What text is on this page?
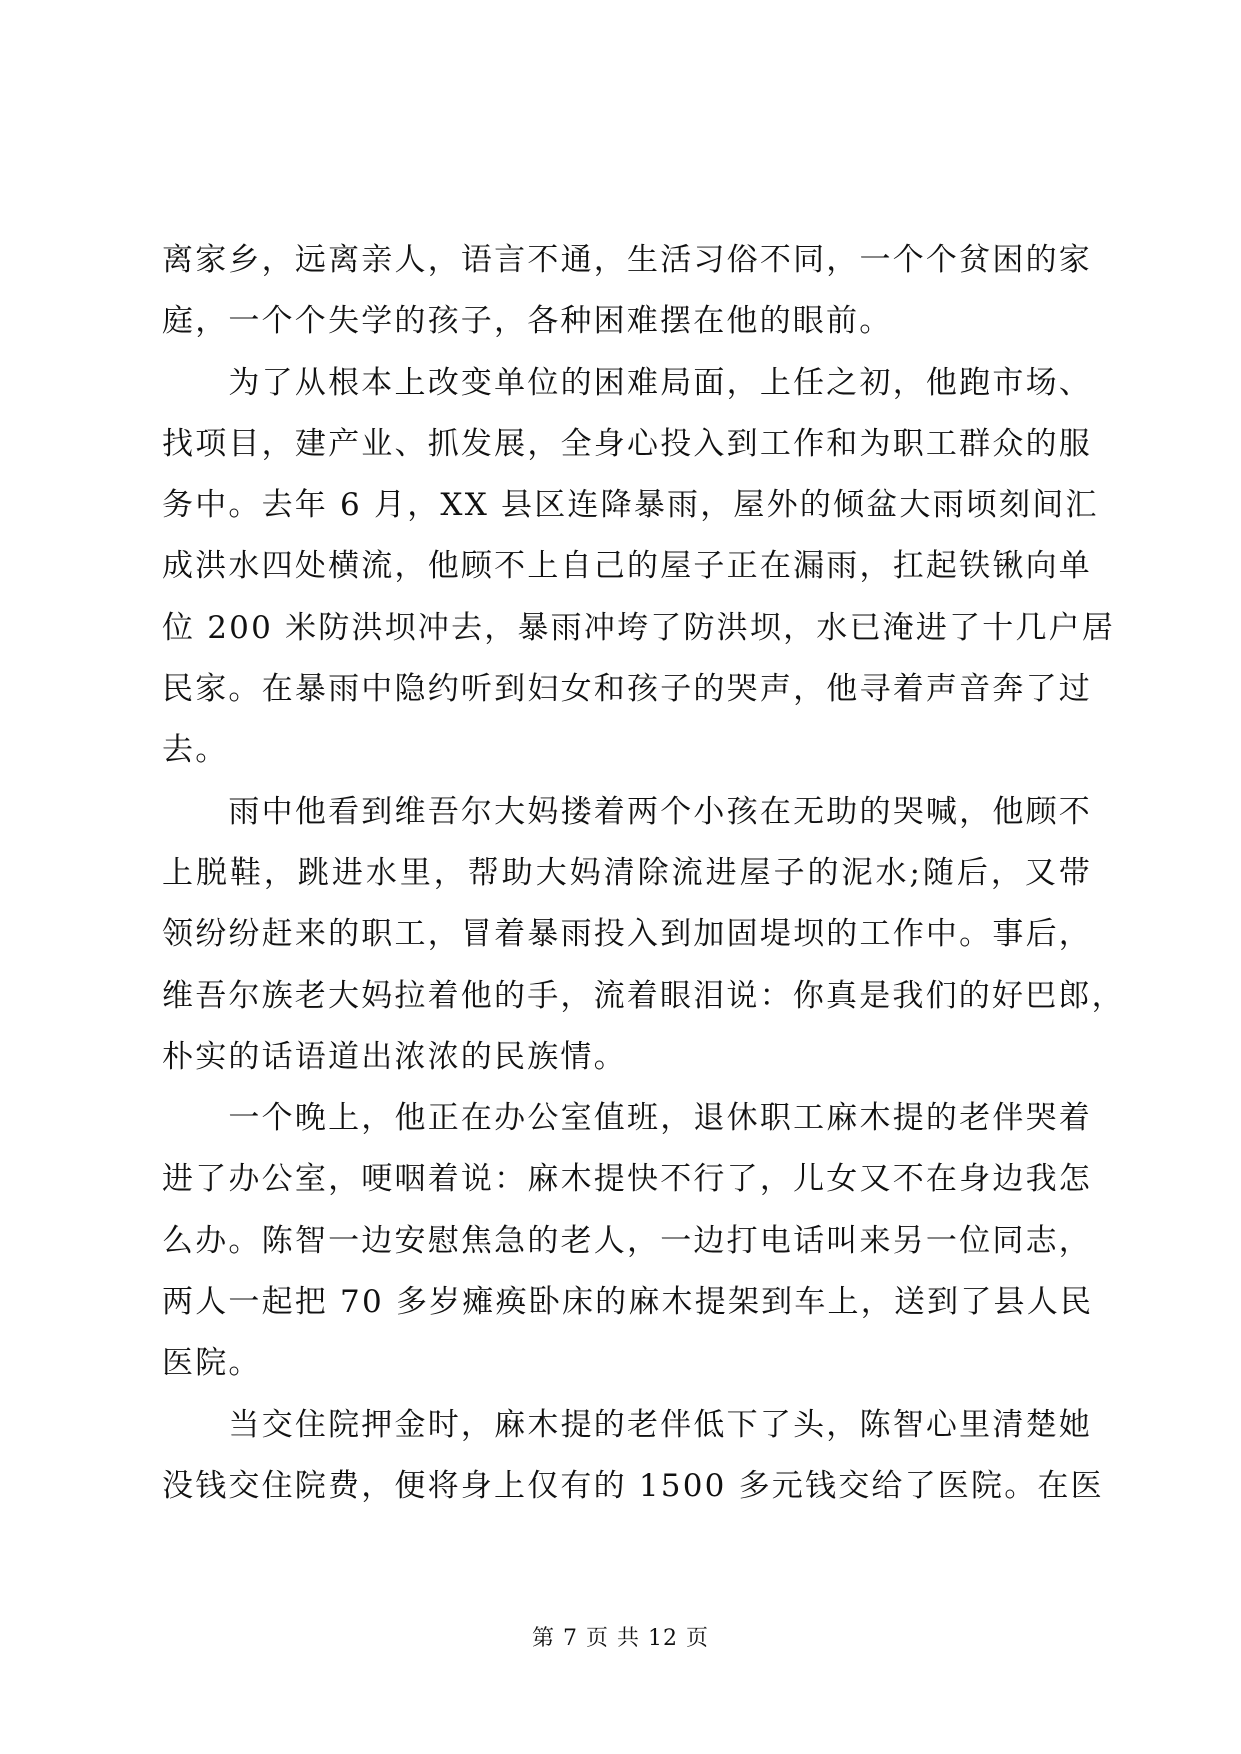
离家乡，远离亲人，语言不通，生活习俗不同，一个个贫困的家
庭，一个个失学的孩子，各种困难摆在他的眼前。
　　为了从根本上改变单位的困难局面，上任之初，他跑市场、
找项目，建产业、抓发展，全身心投入到工作和为职工群众的服
务中。去年 6 月，XX 县区连降暴雨，屋外的倾盆大雨顷刻间汇
成洪水四处横流，他顾不上自己的屋子正在漏雨，扛起铁锹向单
位 200 米防洪坝冲去，暴雨冲垮了防洪坝，水已淹进了十几户居
民家。在暴雨中隐约听到妇女和孩子的哭声，他寻着声音奔了过
去。
　　雨中他看到维吾尔大妈搂着两个小孩在无助的哭喊，他顾不
上脱鞋，跳进水里，帮助大妈清除流进屋子的泥水;随后，又带
领纷纷赶来的职工，冒着暴雨投入到加固堤坝的工作中。事后，
维吾尔族老大妈拉着他的手，流着眼泪说：你真是我们的好巴郎，
朴实的话语道出浓浓的民族情。
　　一个晚上，他正在办公室值班，退休职工麻木提的老伴哭着
进了办公室，哽咽着说：麻木提快不行了，儿女又不在身边我怎
么办。陈智一边安慰焦急的老人，一边打电话叫来另一位同志，
两人一起把 70 多岁瘫痪卧床的麻木提架到车上，送到了县人民
医院。
　　当交住院押金时，麻木提的老伴低下了头，陈智心里清楚她
没钱交住院费，便将身上仅有的 1500 多元钱交给了医院。在医
第 7 页 共 12 页
